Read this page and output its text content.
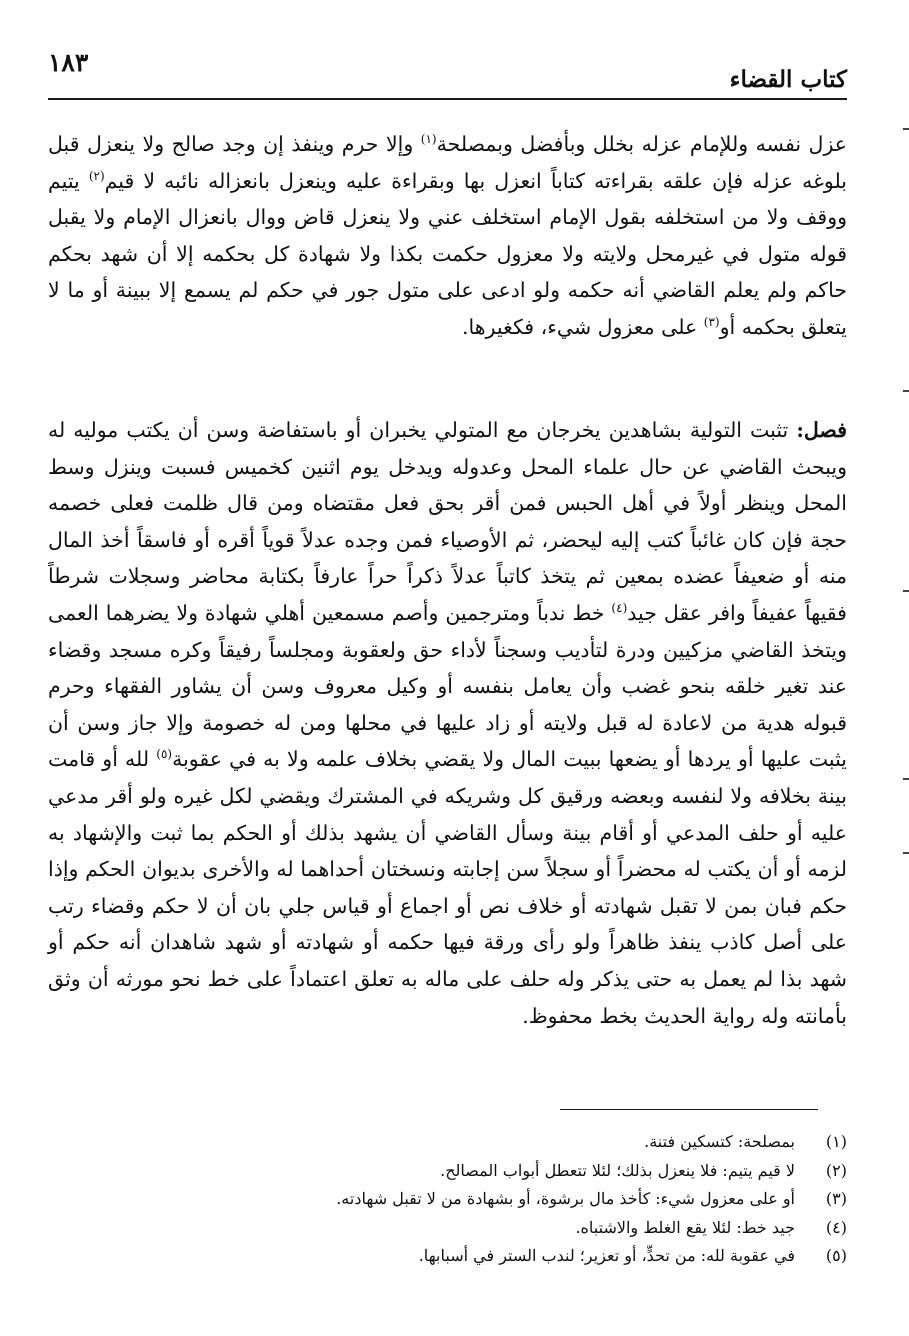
١٨٣
كتاب القضاء
عزل نفسه وللإمام عزله بخلل وبأفضل وبمصلحة$^{(١)}$ وإلا حرم وينفذ إن وجد صالح ولا ينعزل قبل بلوغه عزله فإن علقه بقراءته كتاباً انعزل بها وبقراءة عليه وينعزل بانعزاله نائبه لا قيم$^{(٢)}$ يتيم ووقف ولا من استخلفه بقول الإمام استخلف عني ولا ينعزل قاض ووال بانعزال الإمام ولا يقبل قوله متول في غيرمحل ولايته ولا معزول حكمت بكذا ولا شهادة كل بحكمه إلا أن شهد بحكم حاكم ولم يعلم القاضي أنه حكمه ولو ادعى على متول جور في حكم لم يسمع إلا ببينة أو ما لا يتعلق بحكمه أو$^{(٣)}$ على معزول شيء، فكغيرها.
فصل: تثبت التولية بشاهدين يخرجان مع المتولي يخبران أو باستفاضة وسن أن يكتب موليه له ويبحث القاضي عن حال علماء المحل وعدوله ويدخل يوم اثنين كخميس فسبت وينزل وسط المحل وينظر أولاً في أهل الحبس فمن أقر بحق فعل مقتضاه ومن قال ظلمت فعلى خصمه حجة فإن كان غائباً كتب إليه ليحضر، ثم الأوصياء فمن وجده عدلاً قوياً أقره أو فاسقاً أخذ المال منه أو ضعيفاً عضده بمعين ثم يتخذ كاتباً عدلاً ذكراً حراً عارفاً بكتابة محاضر وسجلات شرطاً فقيهاً عفيفاً وافر عقل جيد$^{(٤)}$ خط ندباً ومترجمين وأصم مسمعين أهلي شهادة ولا يضرهما العمى ويتخذ القاضي مزكيين ودرة لتأديب وسجناً لأداء حق ولعقوبة ومجلساً رفيقاً وكره مسجد وقضاء عند تغير خلقه بنحو غضب وأن يعامل بنفسه أو وكيل معروف وسن أن يشاور الفقهاء وحرم قبوله هدية من لاعادة له قبل ولايته أو زاد عليها في محلها ومن له خصومة وإلا جاز وسن أن يثبت عليها أو يردها أو يضعها ببيت المال ولا يقضي بخلاف علمه ولا به في عقوبة$^{(٥)}$ لله أو قامت بينة بخلافه ولا لنفسه وبعضه ورقيق كل وشريكه في المشترك ويقضي لكل غيره ولو أقر مدعي عليه أو حلف المدعي أو أقام بينة وسأل القاضي أن يشهد بذلك أو الحكم بما ثبت والإشهاد به لزمه أو أن يكتب له محضراً أو سجلاً سن إجابته ونسختان أحداهما له والأخرى بديوان الحكم وإذا حكم فبان بمن لا تقبل شهادته أو خلاف نص أو اجماع أو قياس جلي بان أن لا حكم وقضاء رتب على أصل كاذب ينفذ ظاهراً ولو رأى ورقة فيها حكمه أو شهادته أو شهد شاهدان أنه حكم أو شهد بذا لم يعمل به حتى يذكر وله حلف على ماله به تعلق اعتماداً على خط نحو مورثه أن وثق بأمانته وله رواية الحديث بخط محفوظ.
(١)
بمصلحة: كتسكين فتنة.
(٢)
لا قيم يتيم: فلا ينعزل بذلك؛ لئلا تتعطل أبواب المصالح.
(٣)
أو على معزول شيء: كأخذ مال برشوة، أو بشهادة من لا تقبل شهادته.
(٤)
جيد خط: لئلا يقع الغلط والاشتباه.
(٥)
في عقوبة لله: من تحدٍّ، أو تعزير؛ لندب الستر في أسبابها.
